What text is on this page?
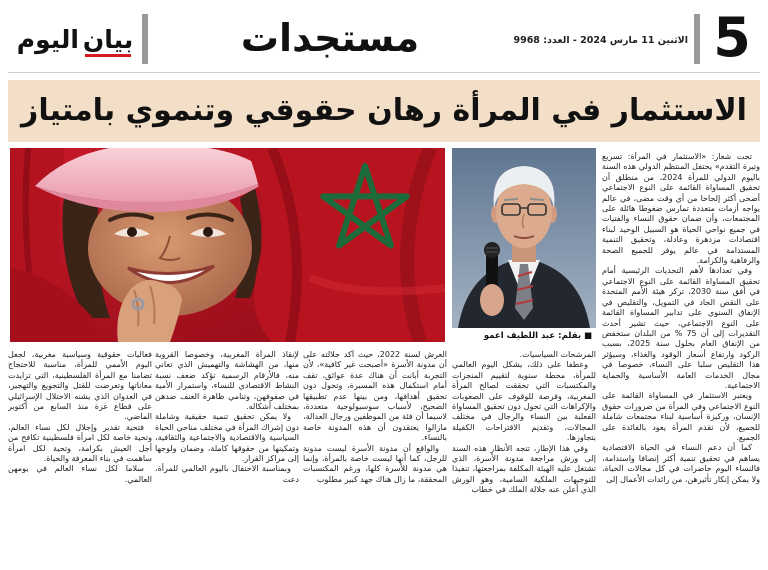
بيان
اليوم	مستجدات	الاثنين 11 مارس 2024 - العدد: 9968 5
الاستثمار في المرأة رهان حقوقي وتنموي بامتياز
■ بقلم: عبد اللطيف اعمو

تحت شعار: «الاستثمار في المرأة: تسريع وتيرة التقدم» يحتفل المنتظم الدولي هذه السنة باليوم الدولي للمرأة 2024، من منطلق أن تحقيق المساواة القائمة على النوع الاجتماعي أضحى أكثر إلحاحا من أي وقت مضى، في عالم يواجه أزمات متعددة تمارس ضغوطا هائلة على المجتمعات، وأن ضمان حقوق النساء والفتيات في جميع نواحي الحياة هو السبيل الوحيد لبناء اقتصادات مزدهرة وعادلة، وتحقيق التنمية المستدامة في عالم يوفر للجميع الصحة والرفاهية والكرامة.

وفي تعدادها لأهم التحديات الرئيسية أمام تحقيق المساواة القائمة على النوع الاجتماعي في أفق سنة 2030، تركز هيئة الأمم المتحدة على النقص الحاد في التمويل، والتقليص في الإنفاق السنوي على تدابير المساواة القائمة على النوع الاجتماعي، حيث تشير أحدث التقديرات إلى أن 75 % من البلدان ستخفض من الإنفاق العام بحلول سنة 2025، بسبب الركود وارتفاع أسعار الوقود والغذاء، وسيؤثر هذا التقليص سلبا على النساء، خصوصا في مجال الخدمات العامة الأساسية والحماية الاجتماعية.

ويعتبر الاستثمار في المساواة القائمة على النوع الاجتماعي وفي المرأة من ضرورات حقوق الإنسان، وركيزة أساسية لبناء مجتمعات شاملة للجميع، لأن تقدم المرأة يعود بالفائدة على الجميع.

كما أن دعم النساء في الحياة الاقتصادية يساهم في تحقيق تنمية أكثر إنصافا واستدامة، فالنساء اليوم حاضرات في كل مجالات الحياة، ولا يمكن إنكار تأثيرهن، من رائدات الأعمال إلى

المرشحات السياسيات.

وعطفا على ذلك، يشكل اليوم العالمي للمرأة، محطة سنوية لتقييم المنجزات والمكتسبات التي تحققت لصالح المرأة المغربية، وفرصة للوقوف على الصعوبات والإكراهات التي تحول دون تحقيق المساواة الفعلية بين النساء والرجال في مختلف المجالات، وتقديم الاقتراحات الكفيلة بتجاوزها.

وفي هذا الإطار، تتجه الأنظار هذه السنة إلى ورش مراجعة مدونة الأسرة، الذي تشتغل عليه الهيئة المكلفة بمراجعتها، تنفيذا للتوجيهات الملكية السامية، وهو الورش الذي أعلن عنه جلالة الملك في خطاب

العرش لسنة 2022، حيث أكد جلالته على أن مدونة الأسرة «أصبحت غير كافية»، لأن التجربة أبانت أن هناك عدة عوائق، تقف أمام استكمال هذه المسيرة، وتحول دون تحقيق أهدافها، ومن بينها عدم تطبيقها الصحيح، لأسباب سوسيولوجية متعددة، لاسيما أن فئة من الموظفين ورجال العدالة، مازالوا يعتقدون أن هذه المدونة خاصة بالنساء.

والواقع أن مدونة الأسرة ليست مدونة للرجل، كما أنها ليست خاصة بالمرأة، وإنما هي مدونة للأسرة كلها، ورغم المكتسبات المحققة، ما زال هناك جهد كبير مطلوب

لإنقاذ المرأة المغربية، وخصوصا القروية منها، من الهشاشة والتهميش الذي تعاني منه، فالأرقام الرسمية تؤكد ضعف نسبة النشاط الاقتصادي للنساء، واستمرار الأمية في صفوفهن، وتنامي ظاهرة العنف ضدهن بمختلف أشكاله.

ولا يمكن تحقيق تنمية حقيقية وشاملة دون إشراك المرأة في مختلف مناحي الحياة السياسية والاقتصادية والاجتماعية والثقافية، وتمكينها من حقوقها كاملة، وضمان ولوجها إلى مراكز القرار.

وبمناسبة الاحتفال باليوم العالمي للمرأة، دعت

فعاليات حقوقية وسياسية مغربية، لجعل اليوم الأممي للمرأة، مناسبة للاحتجاج تضامنا مع المرأة الفلسطينية، التي تزايدت معاناتها وتعرضت للقتل والتجويع والتهجير، في العدوان الذي يشنه الاحتلال الإسرائيلي على قطاع غزة منذ السابع من أكتوبر الماضي.

فتحية تقدير وإجلال لكل نساء العالم، وتحية خاصة لكل امرأة فلسطينية تكافح من أجل العيش بكرامة، وتحية لكل امرأة ساهمت في بناء المعرفة والحياة.

سلاما لكل نساء العالم في يومهن العالمي.
